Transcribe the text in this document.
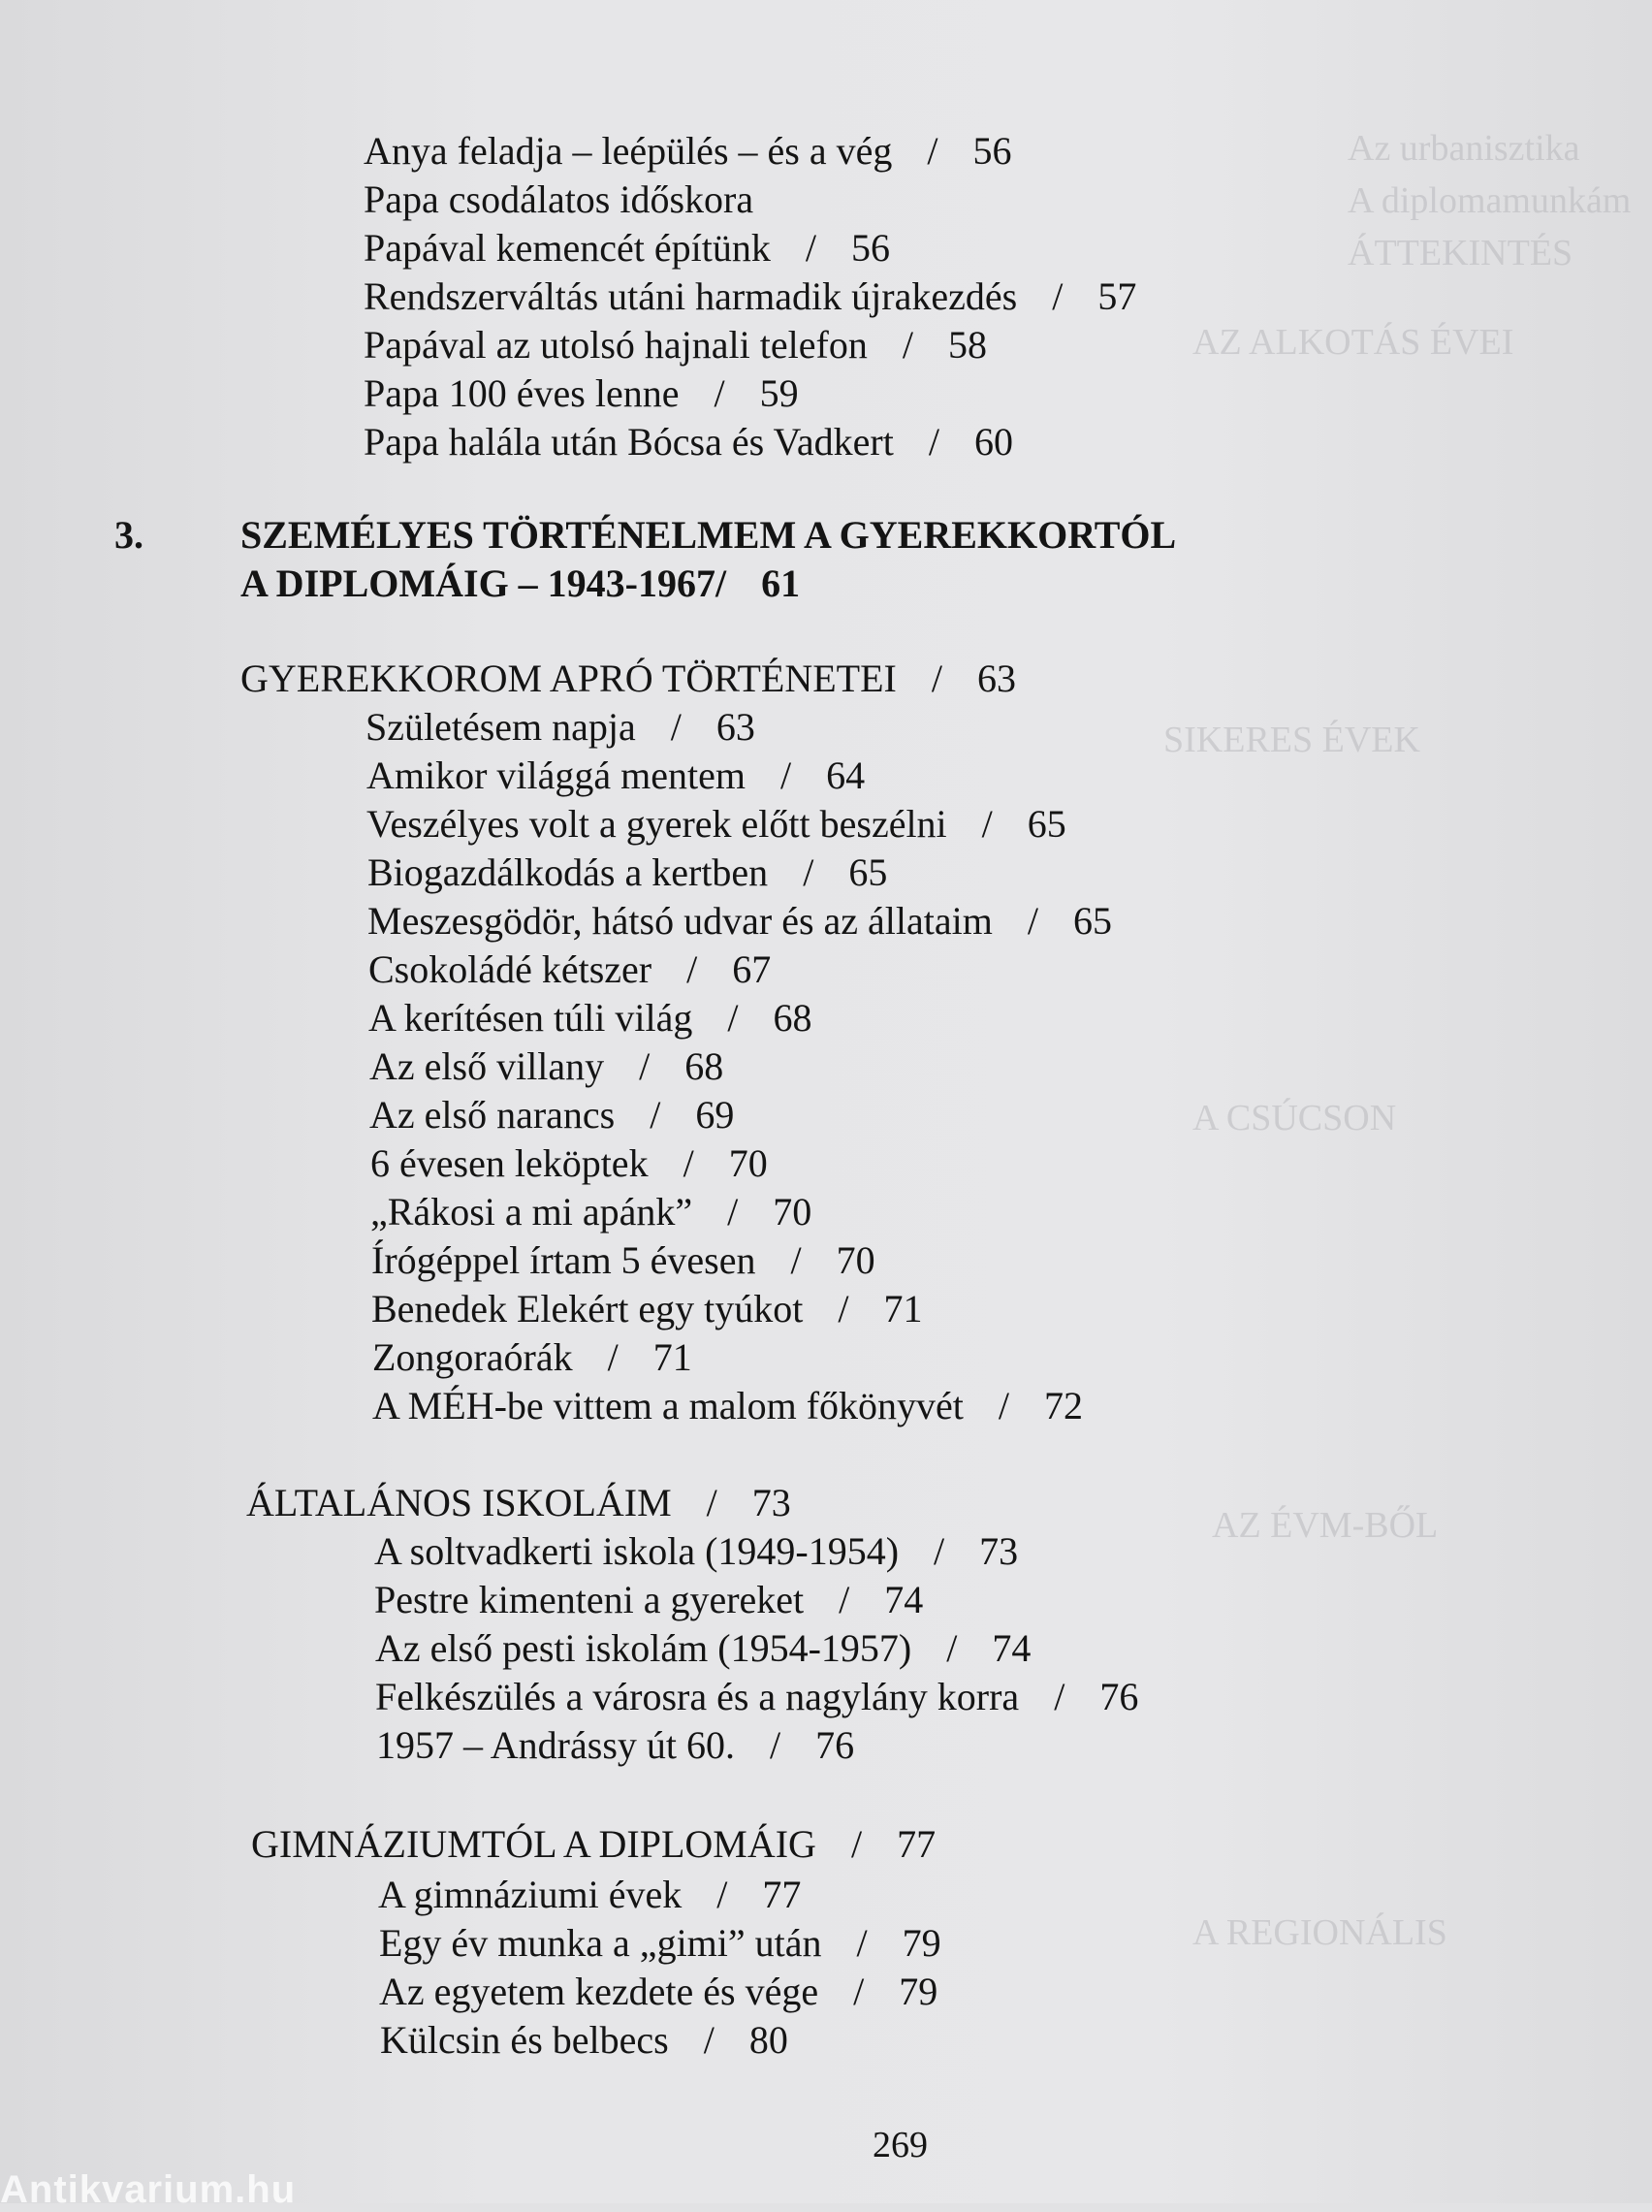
Az urbanisztika
A diplomamunkám
ÁTTEKINTÉS
AZ ALKOTÁS ÉVEI
SIKERES ÉVEK
A CSÚCSON
AZ ÉVM-BŐL
A REGIONÁLIS
Anya feladja – leépülés – és a vég / 56
Papa csodálatos időskora
Papával kemencét építünk / 56
Rendszerváltás utáni harmadik újrakezdés / 57
Papával az utolsó hajnali telefon / 58
Papa 100 éves lenne / 59
Papa halála után Bócsa és Vadkert / 60
3.	SZEMÉLYES TÖRTÉNELMEM A GYEREKKORTÓL
A DIPLOMÁIG – 1943-1967/ 61
GYEREKKOROM APRÓ TÖRTÉNETEI / 63
Születésem napja / 63
Amikor világgá mentem / 64
Veszélyes volt a gyerek előtt beszélni / 65
Biogazdálkodás a kertben / 65
Meszesgödör, hátsó udvar és az állataim / 65
Csokoládé kétszer / 67
A kerítésen túli világ / 68
Az első villany / 68
Az első narancs / 69
6 évesen leköptek / 70
„Rákosi a mi apánk” / 70
Írógéppel írtam 5 évesen / 70
Benedek Elekért egy tyúkot / 71
Zongoraórák / 71
A MÉH-be vittem a malom főkönyvét / 72
ÁLTALÁNOS ISKOLÁIM / 73
A soltvadkerti iskola (1949-1954) / 73
Pestre kimenteni a gyereket / 74
Az első pesti iskolám (1954-1957) / 74
Felkészülés a városra és a nagylány korra / 76
1957 – Andrássy út 60. / 76
GIMNÁZIUMTÓL A DIPLOMÁIG / 77
A gimnáziumi évek / 77
Egy év munka a „gimi” után / 79
Az egyetem kezdete és vége / 79
Külcsin és belbecs / 80
269
Antikvarium.hu
